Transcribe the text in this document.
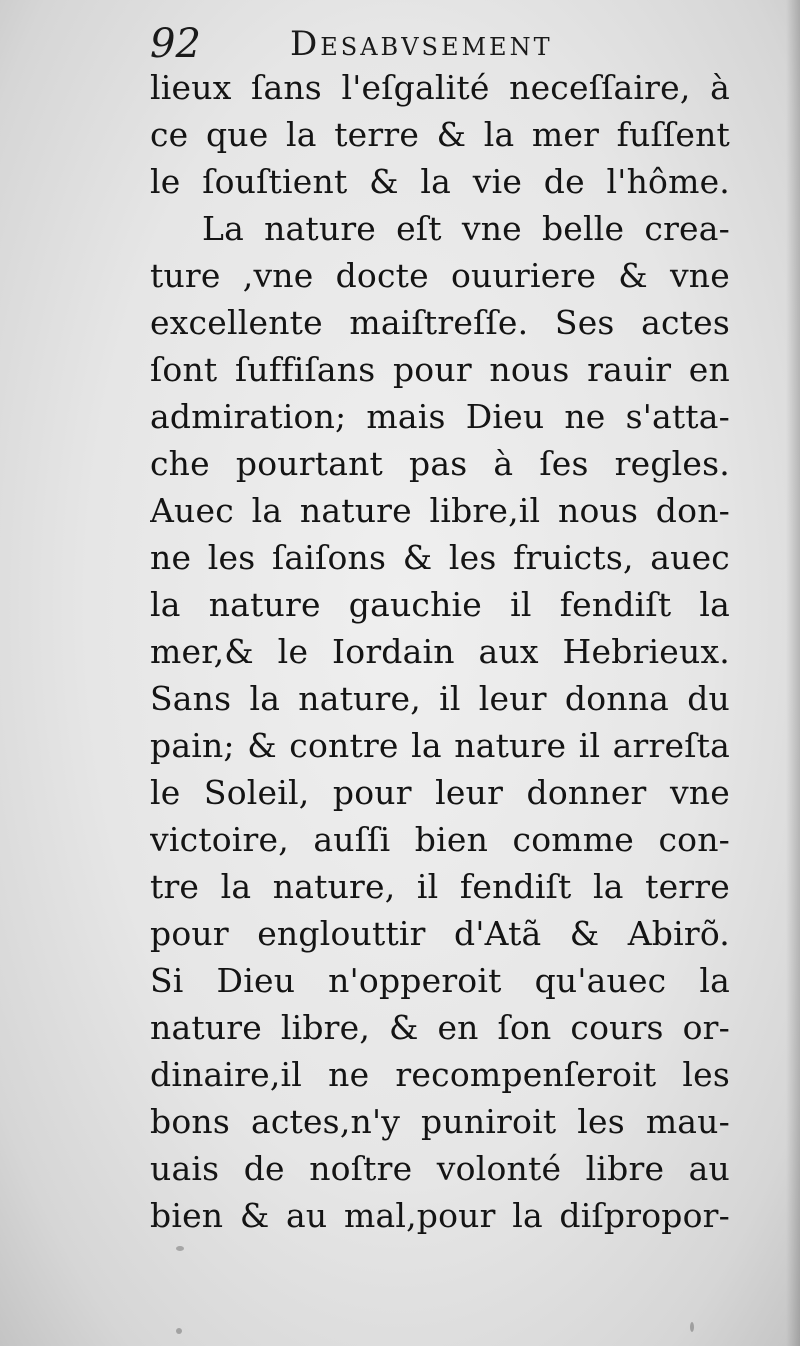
92	Desabvsement
lieux ſans l'eſgalité neceſſaire, à
ce que la terre & la mer fuſſent
le ſouſtient & la vie de l'hôme.
La nature eſt vne belle crea-
ture ,vne docte ouuriere & vne
excellente maiſtreſſe. Ses actes
ſont ſuffiſans pour nous rauir en
admiration; mais Dieu ne s'atta-
che pourtant pas à ſes regles.
Auec la nature libre,il nous don-
ne les ſaiſons & les fruicts, auec
la nature gauchie il fendiſt la
mer,& le Iordain aux Hebrieux.
Sans la nature, il leur donna du
pain; & contre la nature il arreſta
le Soleil, pour leur donner vne
victoire, auſſi bien comme con-
tre la nature, il fendiſt la terre
pour englouttir d'Atã & Abirõ.
Si Dieu n'opperoit qu'auec la
nature libre, & en ſon cours or-
dinaire,il ne recompenſeroit les
bons actes,n'y puniroit les mau-
uais de noſtre volonté libre au
bien & au mal,pour la diſpropor-
